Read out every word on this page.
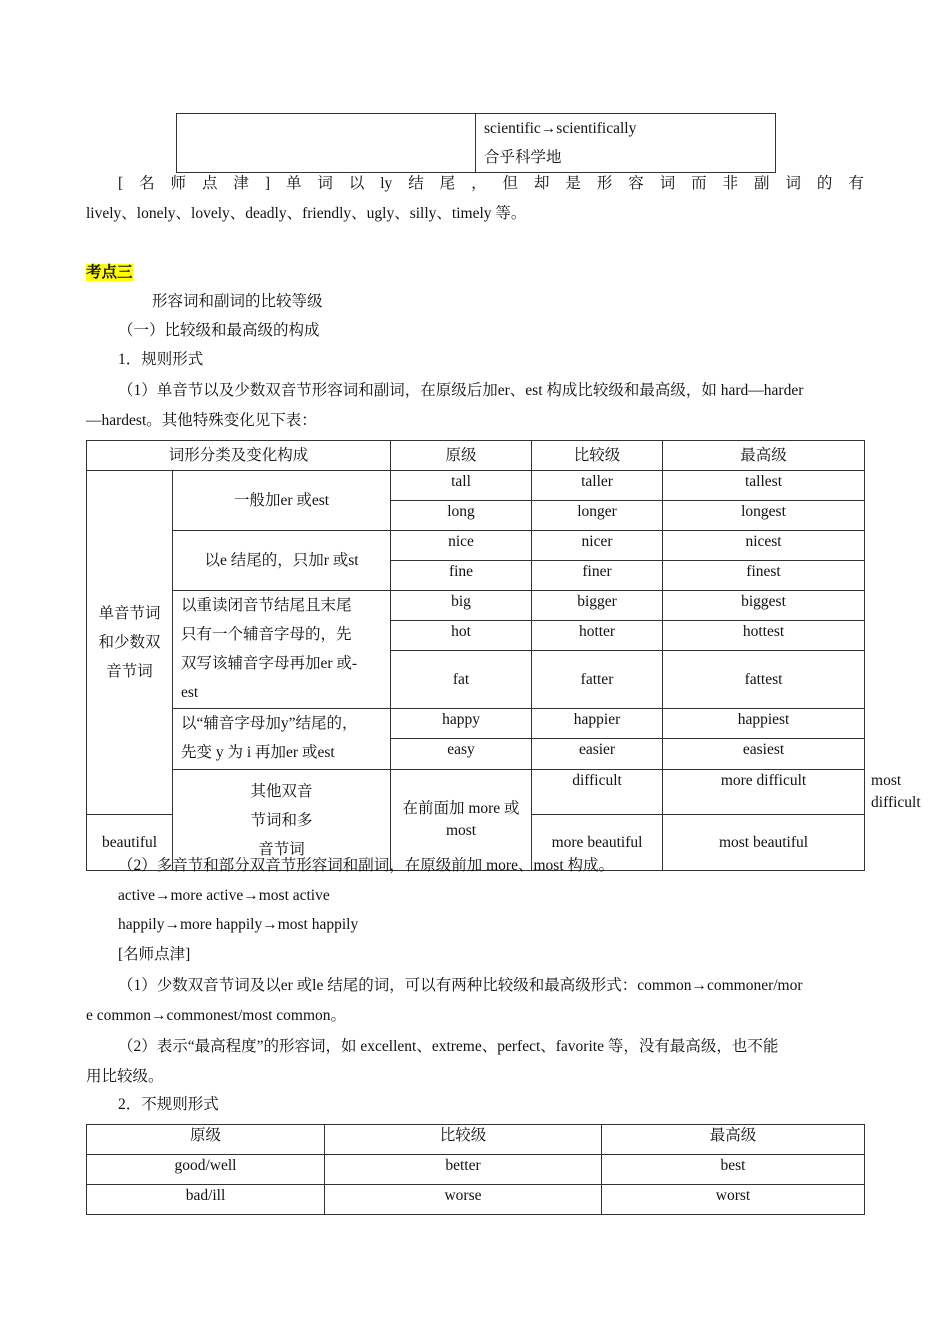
scientific→scientifically
合乎科学地
[ 名 师 点 津 ] 单 词 以 ly 结 尾 ， 但 却 是 形 容 词 而 非 副 词 的 有
lively、lonely、lovely、deadly、friendly、ugly、silly、timely 等。
考点三
形容词和副词的比较等级
（一）比较级和最高级的构成
1．规则形式
（1）单音节以及少数双音节形容词和副词，在原级后加er、est 构成比较级和最高级，如 hard—harder
—hardest。其他特殊变化见下表：
词形分类及变化构成		原级	比较级	最高级	

单音节词
和少数双
音节词	一般加er 或est	tall	taller	tallest	
		long	longer	longest	
	以e 结尾的，只加r 或st	nice	nicer	nicest	
		fine	finer	finest	

	以重读闭音节结尾且末尾
只有一个辅音字母的，先
双写该辅音字母再加er 或-
est	big	bigger	biggest	
		hot	hotter	hottest	
		fat	fatter	fattest	

	以“辅音字母加y”结尾的，
先变 y 为 i 再加er 或est	happy	happier	happiest	
		easy	easier	easiest	

	其他双音
节词和多
音节词	在前面加 more 或 most	difficult	more difficult	most difficult
beautiful			more beautiful	most beautiful	
（2）多音节和部分双音节形容词和副词，在原级前加 more、most 构成。
active→more active→most active
happily→more happily→most happily
[名师点津]
（1）少数双音节词及以er 或le 结尾的词，可以有两种比较级和最高级形式：common→commoner/mor
e common→commonest/most common。
（2）表示“最高程度”的形容词，如 excellent、extreme、perfect、favorite 等，没有最高级，也不能
用比较级。
2．不规则形式
原级	比较级	最高级
good/well	better	best
bad/ill	worse	worst
